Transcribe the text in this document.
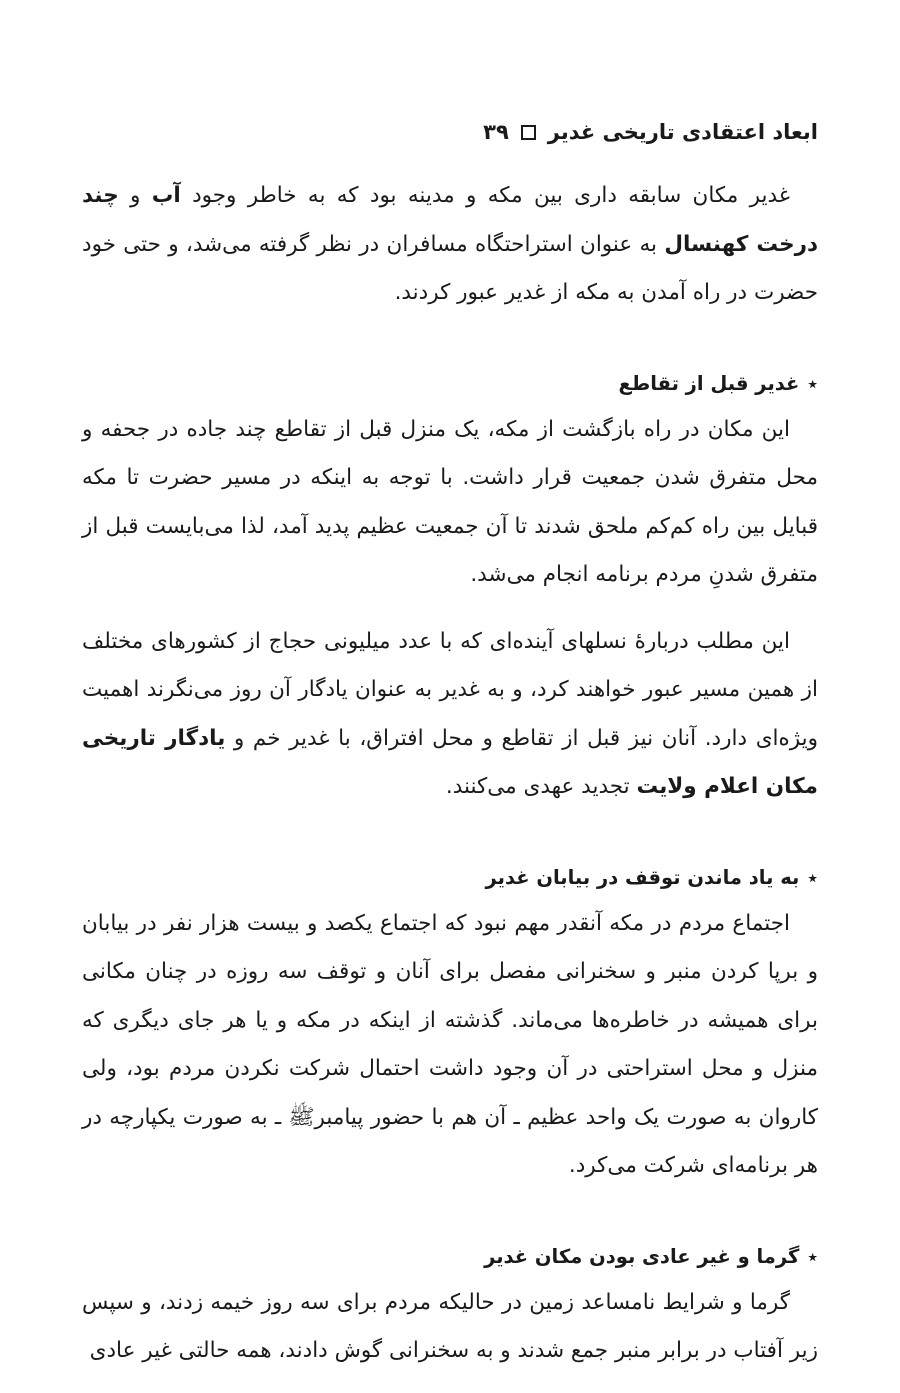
ابعاد اعتقادی تاریخی غدیر
۳۹

غدیر مکان سابقه داری بین مکه و مدینه بود که به خاطر وجود آب و چند درخت کهنسال به عنوان استراحتگاه مسافران در نظر گرفته می‌شد، و حتی خود حضرت در راه آمدن به مکه از غدیر عبور کردند.

٭غدیر قبل از تقاطع

این مکان در راه بازگشت از مکه، یک منزل قبل از تقاطع چند جاده در جحفه و محل متفرق شدن جمعیت قرار داشت. با توجه به اینکه در مسیر حضرت تا مکه قبایل بین راه کم‌کم ملحق شدند تا آن جمعیت عظیم پدید آمد، لذا می‌بایست قبل از متفرق شدنِ مردم برنامه انجام می‌شد.

این مطلب دربارهٔ نسلهای آینده‌ای که با عدد میلیونی حجاج از کشورهای مختلف از همین مسیر عبور خواهند کرد، و به غدیر به عنوان یادگار آن روز می‌نگرند اهمیت ویژه‌ای دارد. آنان نیز قبل از تقاطع و محل افتراق، با غدیر خم و یادگار تاریخی مکان اعلام ولایت تجدید عهدی می‌کنند.

٭به یاد ماندن توقف در بیابان غدیر

اجتماع مردم در مکه آنقدر مهم نبود که اجتماع یکصد و بیست هزار نفر در بیابان و برپا کردن منبر و سخنرانی مفصل برای آنان و توقف سه روزه در چنان مکانی برای همیشه در خاطره‌ها می‌ماند. گذشته از اینکه در مکه و یا هر جای دیگری که منزل و محل استراحتی در آن وجود داشت احتمال شرکت نکردن مردم بود، ولی کاروان به صورت یک واحد عظیم ـ آن هم با حضور پیامبرﷺ ـ به صورت یکپارچه در هر برنامه‌ای شرکت می‌کرد.

٭گرما و غیر عادی بودن مکان غدیر

گرما و شرایط نامساعد زمین در حالیکه مردم برای سه روز خیمه زدند، و سپس زیر آفتاب در برابر منبر جمع شدند و به سخنرانی گوش دادند، همه حالتی غیر عادی
